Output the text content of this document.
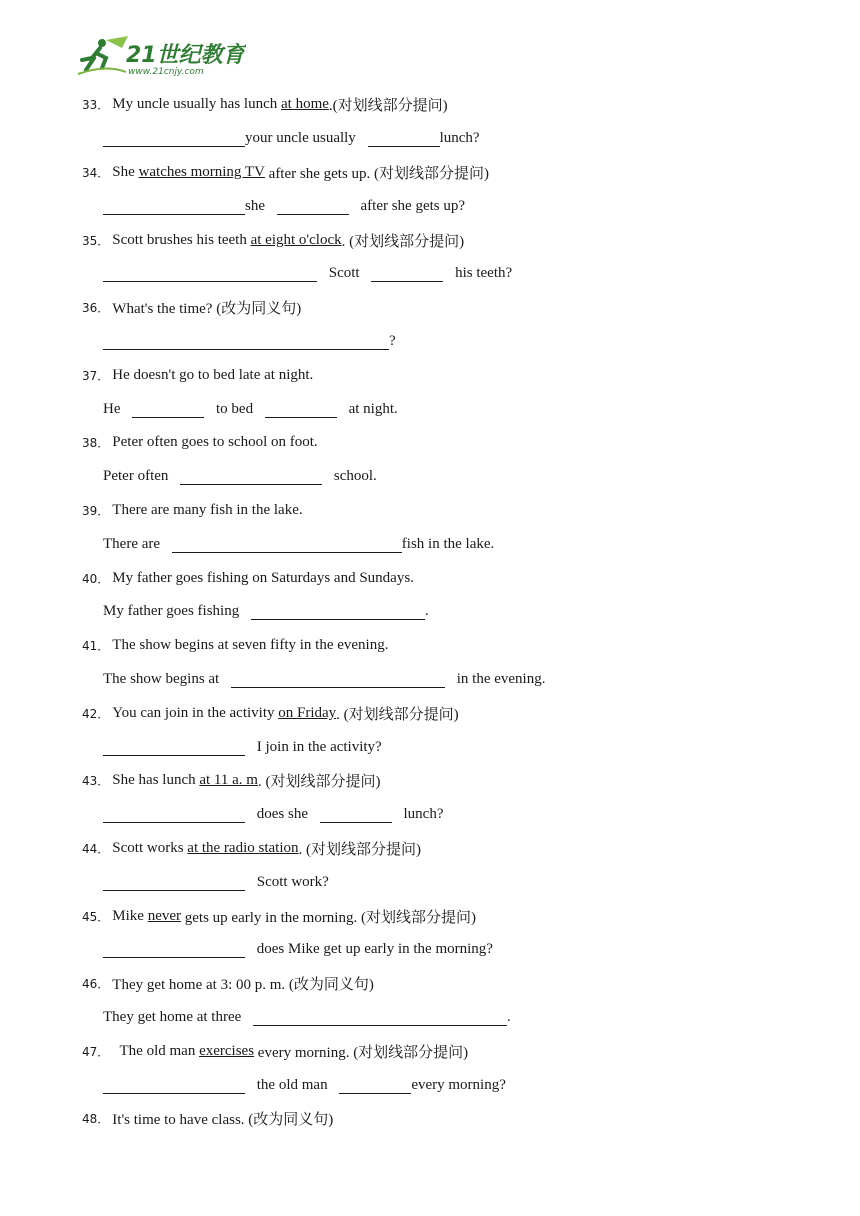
21世纪教育
www.21cnjy.com
33． My uncle usually has lunch at home .(对划线部分提问)
your uncle usually	lunch?
34． She watches morning TV after she gets up. (对划线部分提问)
she	after she gets up?
35． Scott brushes his teeth at eight o'clock . (对划线部分提问)
Scott	his teeth?
36． What's the time? (改为同义句)
?
37． He doesn't go to bed late at night.
He	to bed	at night.
38． Peter often goes to school on foot.
Peter often	school.
39． There are many fish in the lake.
There are	fish in the lake.
40． My father goes fishing on Saturdays and Sundays.
My father goes fishing	.
41． The show begins at seven fifty in the evening.
The show begins at	in the evening.
42． You can join in the activity on Friday . (对划线部分提问)
I join in the activity?
43． She has lunch at 11 a. m . (对划线部分提问)
does she	lunch?
44． Scott works at the radio station . (对划线部分提问)
Scott work?
45． Mike never gets up early in the morning. (对划线部分提问)
does Mike get up early in the morning?
46． They get home at 3: 00 p. m. (改为同义句)
They get home at three	.
47． The old man exercises every morning. (对划线部分提问)
the old man	every morning?
48． It's time to have class. (改为同义句)
